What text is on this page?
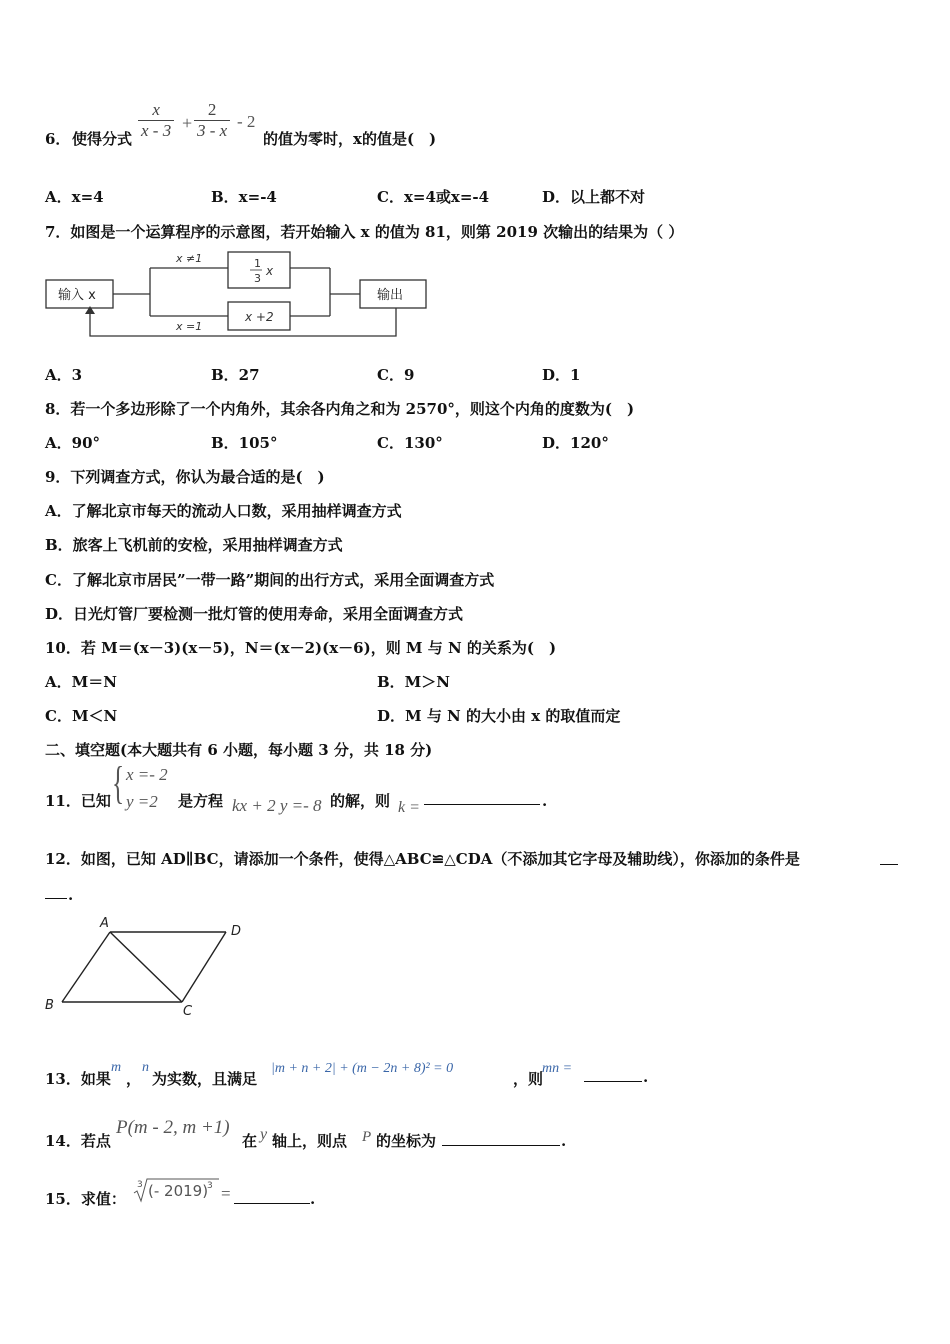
6． 使得分式 $\frac{x}{x - 3} + \frac{2}{3 - x} - 2$
的值为零时，x的值是(　)
A．x=4	B．x=-4	C．x=4或x=-4	D．以上都不对
7．如图是一个运算程序的示意图，若开始输入 x 的值为 81，则第 2019 次输出的结果为（ ）
输入 x	输出
x ≠1
x =1
1
3
x
x +2
A．3	B．27	C．9	D．1
8．若一个多边形除了一个内角外，其余各内角之和为 2570°，则这个内角的度数为(　)
A．90°	B．105°	C．130°	D．120°
9．下列调查方式，你认为最合适的是(　)
A．了解北京市每天的流动人口数，采用抽样调查方式
B．旅客上飞机前的安检，采用抽样调查方式
C．了解北京市居民”一带一路”期间的出行方式，采用全面调查方式
D．日光灯管厂要检测一批灯管的使用寿命，采用全面调查方式
10．若 M＝(x－3)(x－5)，N＝(x－2)(x－6)，则 M 与 N 的关系为(　)
A．M＝N	B．M＞N
C．M＜N	D．M 与 N 的大小由 x 的取值而定
二、填空题(本大题共有 6 小题，每小题 3 分，共 18 分)
11．已知 { x =- 2
y =2 是方程 kx + 2 y =- 8 的解，则 k =	.
12．如图，已知 AD∥BC，请添加一个条件，使得△ABC≌△CDA（不添加其它字母及辅助线），你添加的条件是
.
A
D
B	C
13．如果
m
，
n
为实数，且满足
|m + n + 2| + (m − 2n + 8)² = 0
，则
mn =	.
14．若点
P(m - 2, m +1)
在 y 轴上，则点 P 的坐标为	.
15．求值：
3 (- 2019)
3 =	.
